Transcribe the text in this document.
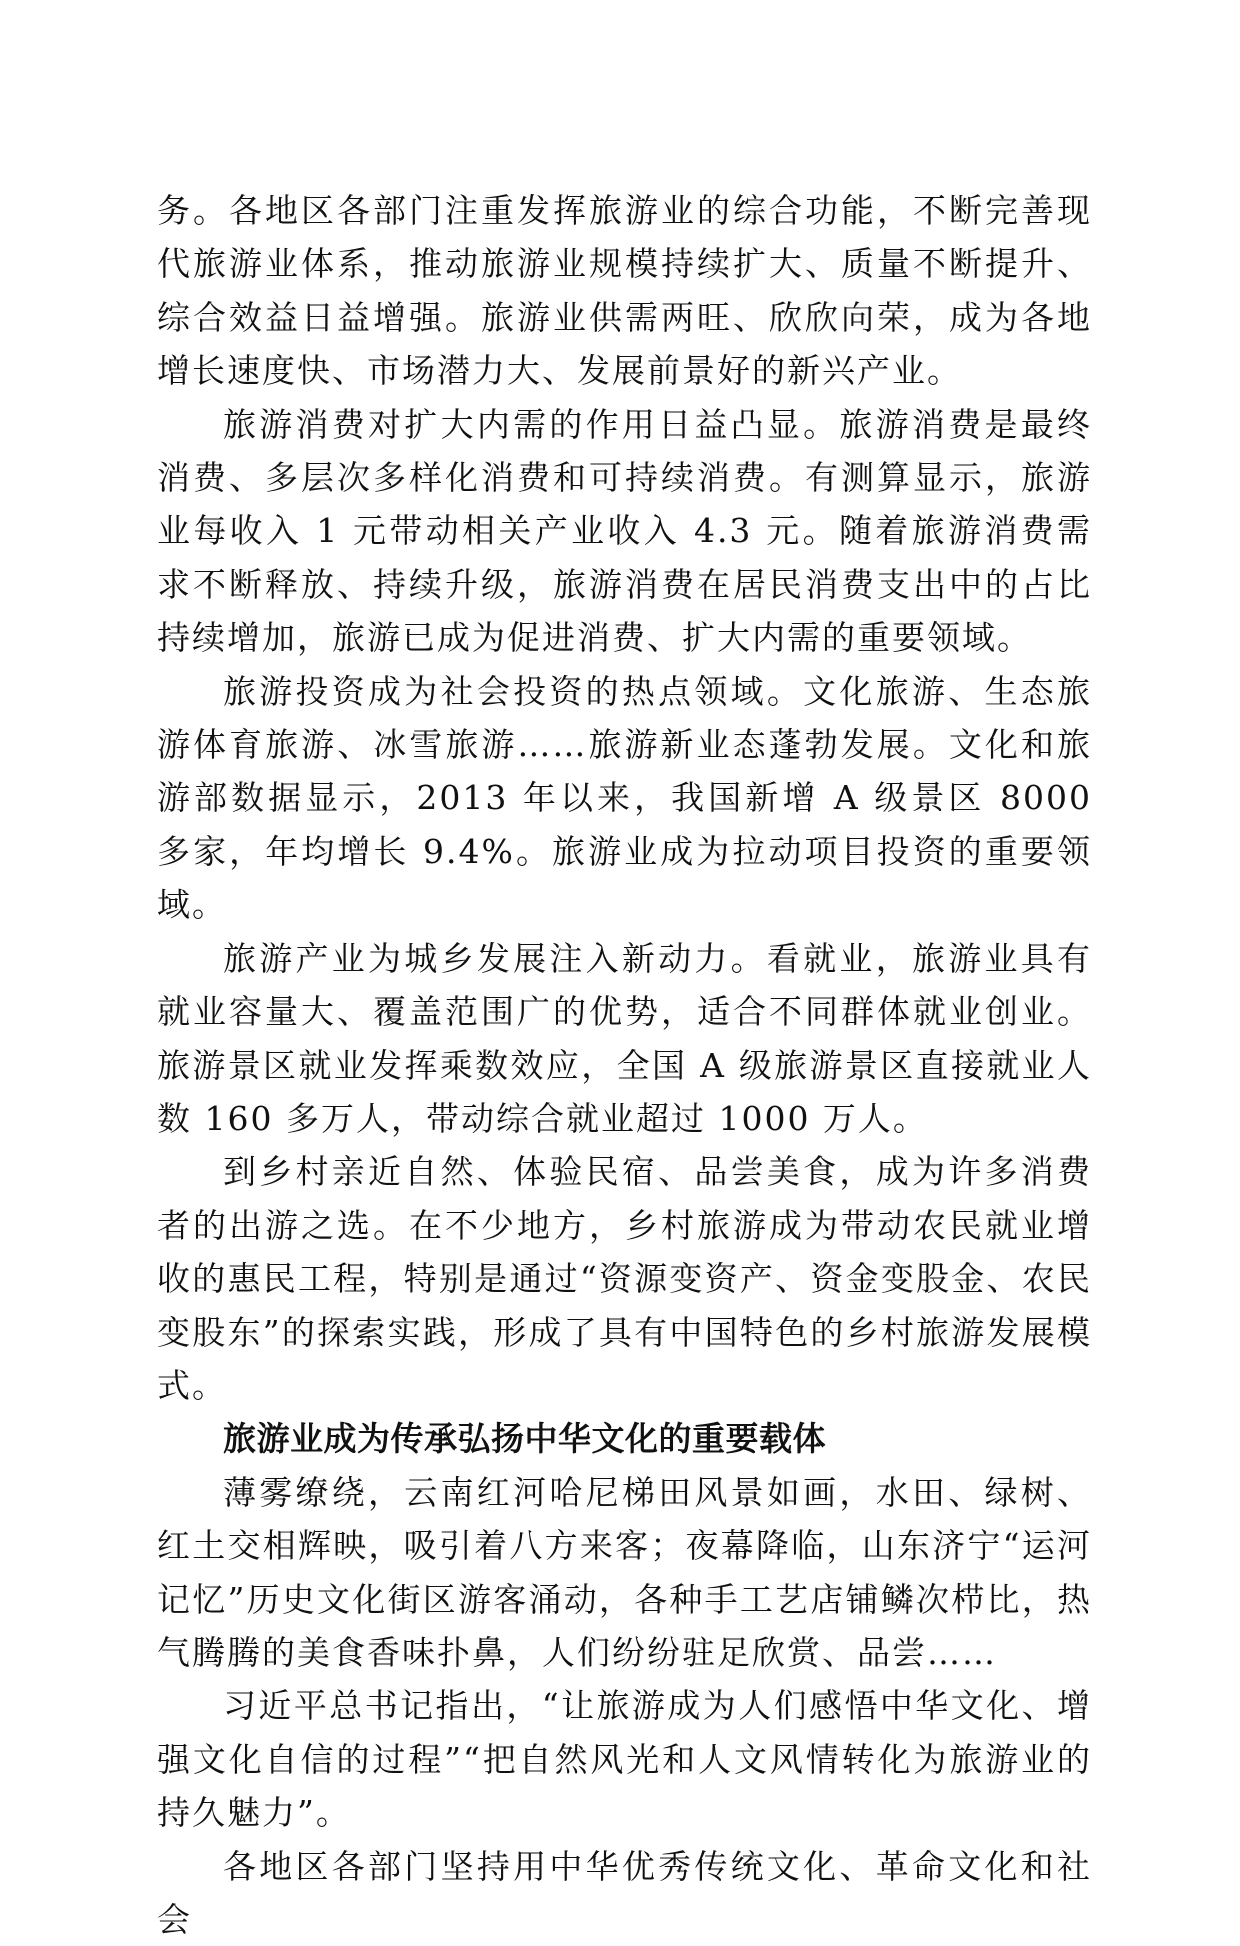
务。各地区各部门注重发挥旅游业的综合功能，不断完善现代旅游业体系，推动旅游业规模持续扩大、质量不断提升、综合效益日益增强。旅游业供需两旺、欣欣向荣，成为各地增长速度快、市场潜力大、发展前景好的新兴产业。

旅游消费对扩大内需的作用日益凸显。旅游消费是最终消费、多层次多样化消费和可持续消费。有测算显示，旅游业每收入 1 元带动相关产业收入 4.3 元。随着旅游消费需求不断释放、持续升级，旅游消费在居民消费支出中的占比持续增加，旅游已成为促进消费、扩大内需的重要领域。

旅游投资成为社会投资的热点领域。文化旅游、生态旅游体育旅游、冰雪旅游……旅游新业态蓬勃发展。文化和旅游部数据显示，2013 年以来，我国新增 A 级景区 8000 多家，年均增长 9.4%。旅游业成为拉动项目投资的重要领域。

旅游产业为城乡发展注入新动力。看就业，旅游业具有就业容量大、覆盖范围广的优势，适合不同群体就业创业。旅游景区就业发挥乘数效应，全国 A 级旅游景区直接就业人数 160 多万人，带动综合就业超过 1000 万人。

到乡村亲近自然、体验民宿、品尝美食，成为许多消费者的出游之选。在不少地方，乡村旅游成为带动农民就业增收的惠民工程，特别是通过“资源变资产、资金变股金、农民变股东”的探索实践，形成了具有中国特色的乡村旅游发展模式。

旅游业成为传承弘扬中华文化的重要载体

薄雾缭绕，云南红河哈尼梯田风景如画，水田、绿树、红土交相辉映，吸引着八方来客；夜幕降临，山东济宁“运河记忆”历史文化街区游客涌动，各种手工艺店铺鳞次栉比，热气腾腾的美食香味扑鼻，人们纷纷驻足欣赏、品尝……

习近平总书记指出，“让旅游成为人们感悟中华文化、增强文化自信的过程”“把自然风光和人文风情转化为旅游业的持久魅力”。

各地区各部门坚持用中华优秀传统文化、革命文化和社会
